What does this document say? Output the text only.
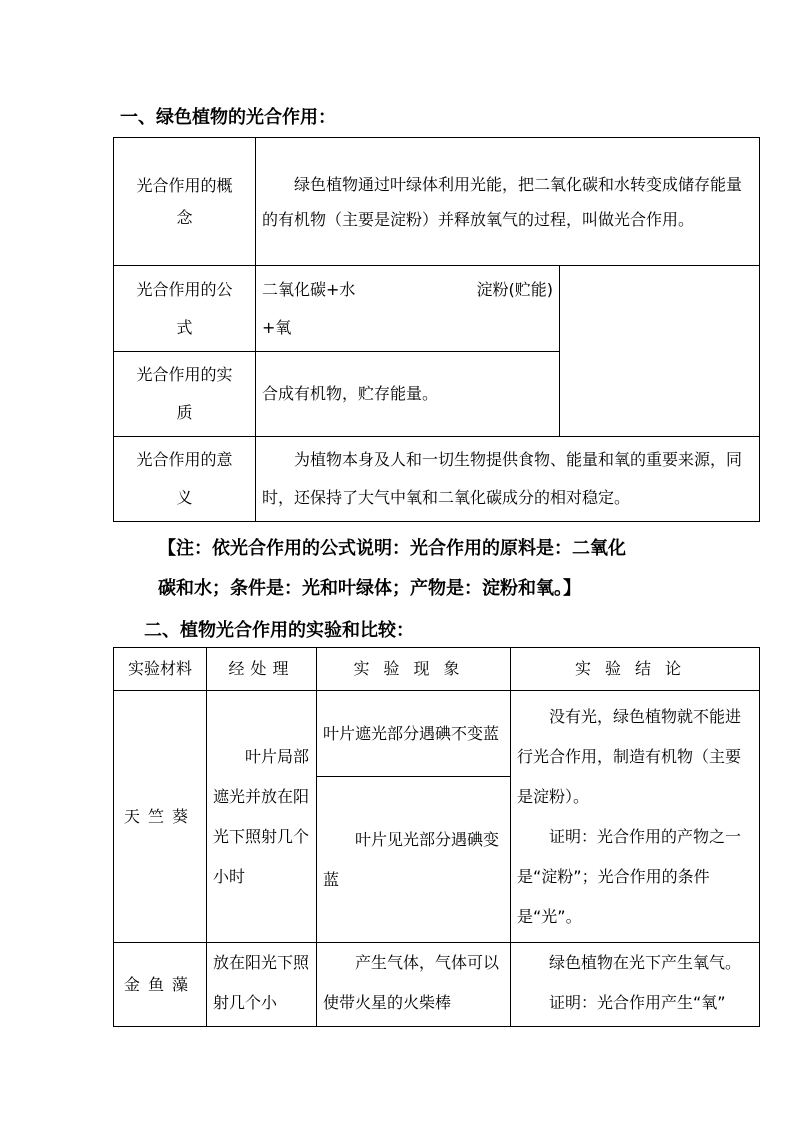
一、绿色植物的光合作用：
光合作用的概念	绿色植物通过叶绿体利用光能，把二氧化碳和水转变成储存能量的有机物（主要是淀粉）并释放氧气的过程，叫做光合作用。	
光合作用的公式	二氧化碳+水 淀粉(贮能)
+氧	

光合作用的实质	合成有机物，贮存能量。	
光合作用的意义	为植物本身及人和一切生物提供食物、能量和氧的重要来源，同时，还保持了大气中氧和二氧化碳成分的相对稳定。	
【注：依光合作用的公式说明：光合作用的原料是：二氧化
碳和水；条件是：光和叶绿体；产物是：淀粉和氧。】
二、植物光合作用的实验和比较：
实验材料	经处理	实验现象	实验结论
天竺葵	叶片局部遮光并放在阳光下照射几个小时	叶片遮光部分遇碘不变蓝	没有光，绿色植物就不能进行光合作用，制造有机物（主要是淀粉）。
证明：光合作用的产物之一是“淀粉”；光合作用的条件是“光”。

		叶片见光部分遇碘变蓝	
金鱼藻	放在阳光下照射几个小	产生气体，气体可以使带火星的火柴棒	绿色植物在光下产生氧气。
证明：光合作用产生“氧”
